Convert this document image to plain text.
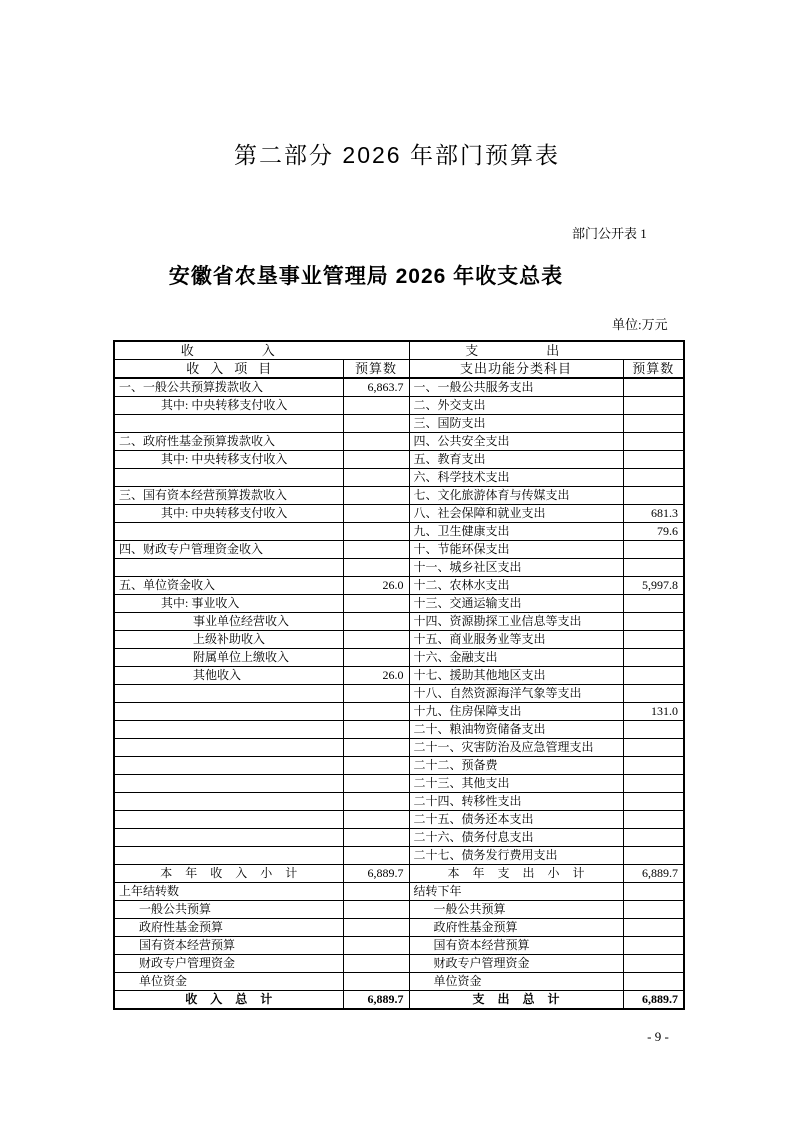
第二部分 2026 年部门预算表
部门公开表 1
安徽省农垦事业管理局 2026 年收支总表
单位:万元
收入		支出	
收入项目	预算数	支出功能分类科目	预算数
一、一般公共预算拨款收入	6,863.7	一、一般公共服务支出	
其中: 中央转移支付收入		二、外交支出	
		三、国防支出	
二、政府性基金预算拨款收入		四、公共安全支出	
其中: 中央转移支付收入		五、教育支出	
		六、科学技术支出	
三、国有资本经营预算拨款收入		七、文化旅游体育与传媒支出	
其中: 中央转移支付收入		八、社会保障和就业支出	681.3
		九、卫生健康支出	79.6
四、财政专户管理资金收入		十、节能环保支出	
		十一、城乡社区支出	
五、单位资金收入	26.0	十二、农林水支出	5,997.8
其中: 事业收入		十三、交通运输支出	
事业单位经营收入		十四、资源勘探工业信息等支出	
上级补助收入		十五、商业服务业等支出	
附属单位上缴收入		十六、金融支出	
其他收入	26.0	十七、援助其他地区支出	
		十八、自然资源海洋气象等支出	
		十九、住房保障支出	131.0
		二十、粮油物资储备支出	
		二十一、灾害防治及应急管理支出	
		二十二、预备费	
		二十三、其他支出	
		二十四、转移性支出	
		二十五、债务还本支出	
		二十六、债务付息支出	
		二十七、债务发行费用支出	
本年收入小计	6,889.7	本年支出小计	6,889.7
上年结转数		结转下年	
一般公共预算		一般公共预算	
政府性基金预算		政府性基金预算	
国有资本经营预算		国有资本经营预算	
财政专户管理资金		财政专户管理资金	
单位资金		单位资金	
收入总计	6,889.7	支出总计	6,889.7
- 9 -
